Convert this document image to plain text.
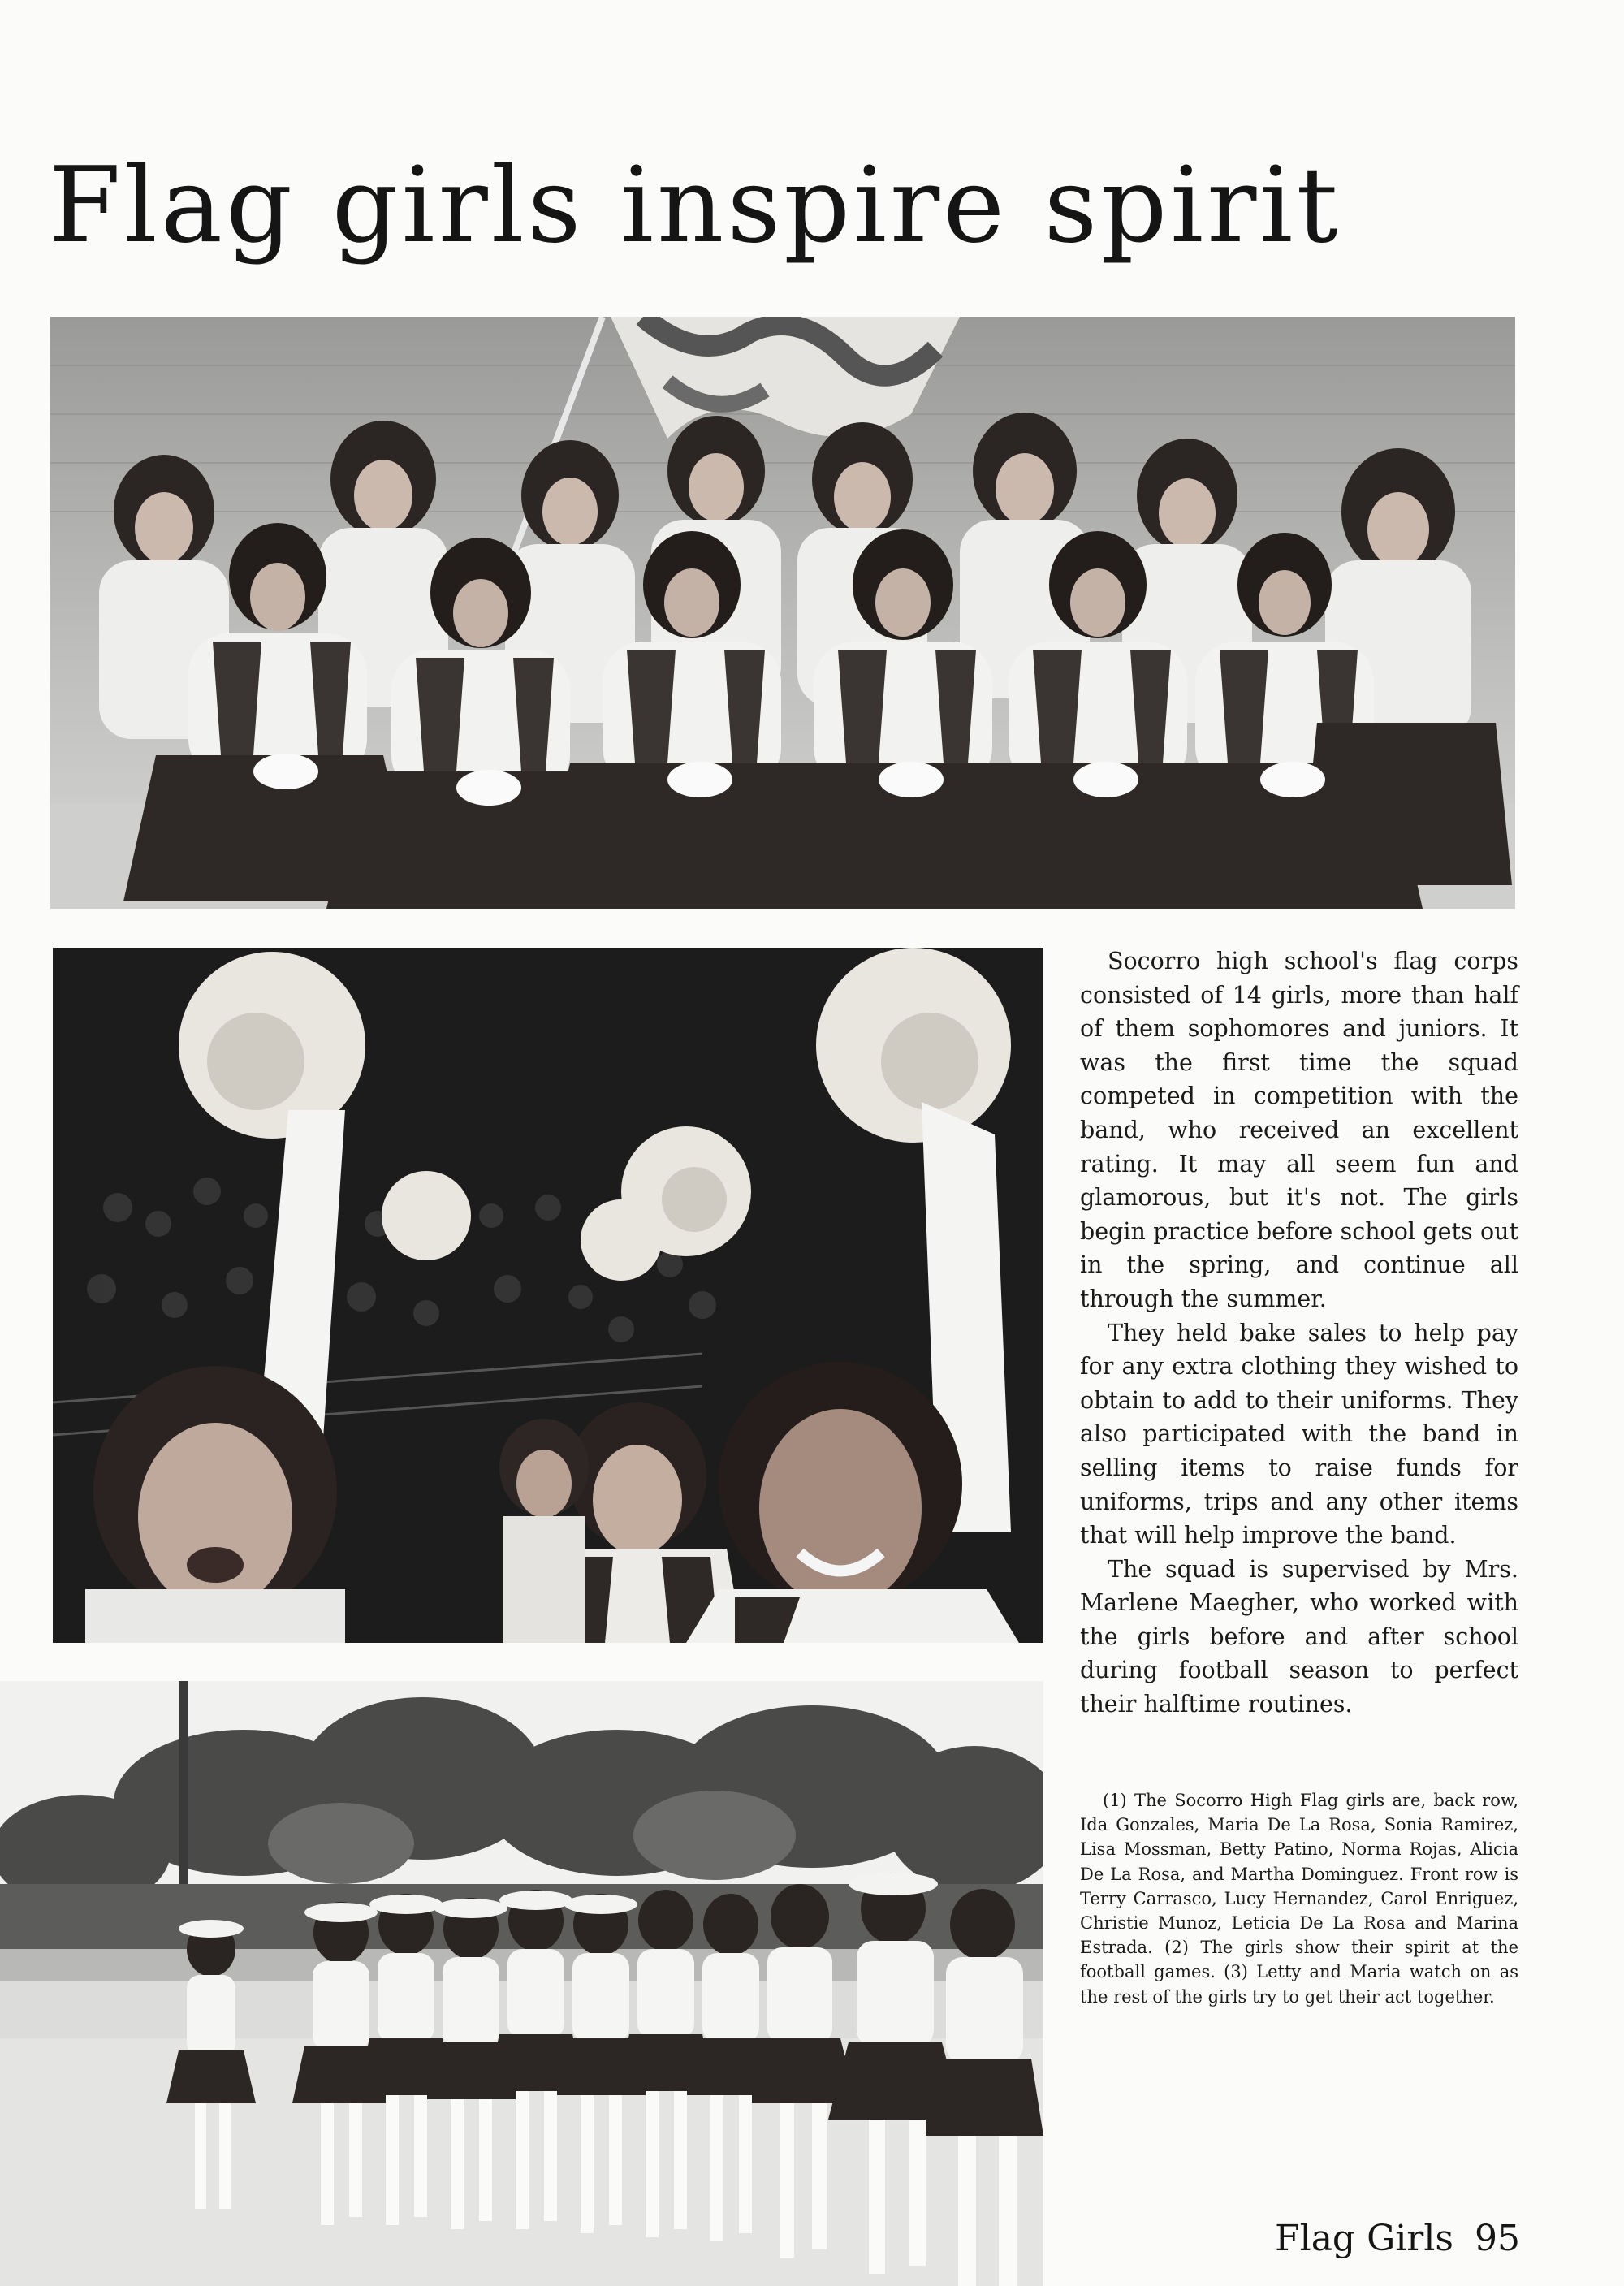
Flag girls inspire spirit

Socorro high school's flag corps consisted of 14 girls, more than half of them sophomores and juniors. It was the first time the squad competed in competition with the band, who received an excellent rating. It may all seem fun and glamorous, but it's not. The girls begin practice before school gets out in the spring, and continue all through the summer.

They held bake sales to help pay for any extra clothing they wished to obtain to add to their uniforms. They also participated with the band in selling items to raise funds for uniforms, trips and any other items that will help improve the band.

The squad is supervised by Mrs. Marlene Maegher, who worked with the girls before and after school during football season to perfect their halftime routines.

(1) The Socorro High Flag girls are, back row, Ida Gonzales, Maria De La Rosa, Sonia Ramirez, Lisa Mossman, Betty Patino, Norma Rojas, Alicia De La Rosa, and Martha Dominguez. Front row is Terry Carrasco, Lucy Hernandez, Carol Enriguez, Christie Munoz, Leticia De La Rosa and Marina Estrada. (2) The girls show their spirit at the football games. (3) Letty and Maria watch on as the rest of the girls try to get their act together.

Flag Girls 95
